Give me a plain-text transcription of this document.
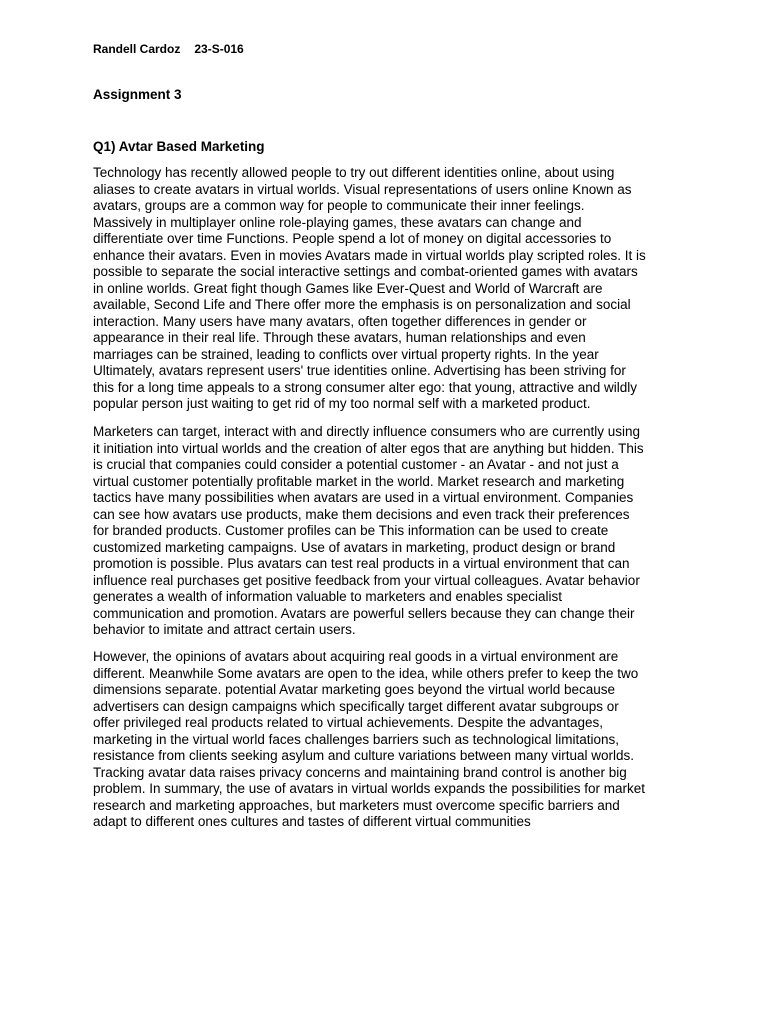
Randell Cardoz 23-S-016
Assignment 3
Q1) Avtar Based Marketing
Technology has recently allowed people to try out different identities online, about using
aliases to create avatars in virtual worlds. Visual representations of users online Known as
avatars, groups are a common way for people to communicate their inner feelings.
Massively in multiplayer online role-playing games, these avatars can change and
differentiate over time Functions. People spend a lot of money on digital accessories to
enhance their avatars. Even in movies Avatars made in virtual worlds play scripted roles. It is
possible to separate the social interactive settings and combat-oriented games with avatars
in online worlds. Great fight though Games like Ever-Quest and World of Warcraft are
available, Second Life and There offer more the emphasis is on personalization and social
interaction. Many users have many avatars, often together differences in gender or
appearance in their real life. Through these avatars, human relationships and even
marriages can be strained, leading to conflicts over virtual property rights. In the year
Ultimately, avatars represent users' true identities online. Advertising has been striving for
this for a long time appeals to a strong consumer alter ego: that young, attractive and wildly
popular person just waiting to get rid of my too normal self with a marketed product.
Marketers can target, interact with and directly influence consumers who are currently using
it initiation into virtual worlds and the creation of alter egos that are anything but hidden. This
is crucial that companies could consider a potential customer - an Avatar - and not just a
virtual customer potentially profitable market in the world. Market research and marketing
tactics have many possibilities when avatars are used in a virtual environment. Companies
can see how avatars use products, make them decisions and even track their preferences
for branded products. Customer profiles can be This information can be used to create
customized marketing campaigns. Use of avatars in marketing, product design or brand
promotion is possible. Plus avatars can test real products in a virtual environment that can
influence real purchases get positive feedback from your virtual colleagues. Avatar behavior
generates a wealth of information valuable to marketers and enables specialist
communication and promotion. Avatars are powerful sellers because they can change their
behavior to imitate and attract certain users.
However, the opinions of avatars about acquiring real goods in a virtual environment are
different. Meanwhile Some avatars are open to the idea, while others prefer to keep the two
dimensions separate. potential Avatar marketing goes beyond the virtual world because
advertisers can design campaigns which specifically target different avatar subgroups or
offer privileged real products related to virtual achievements. Despite the advantages,
marketing in the virtual world faces challenges barriers such as technological limitations,
resistance from clients seeking asylum and culture variations between many virtual worlds.
Tracking avatar data raises privacy concerns and maintaining brand control is another big
problem. In summary, the use of avatars in virtual worlds expands the possibilities for market
research and marketing approaches, but marketers must overcome specific barriers and
adapt to different ones cultures and tastes of different virtual communities
